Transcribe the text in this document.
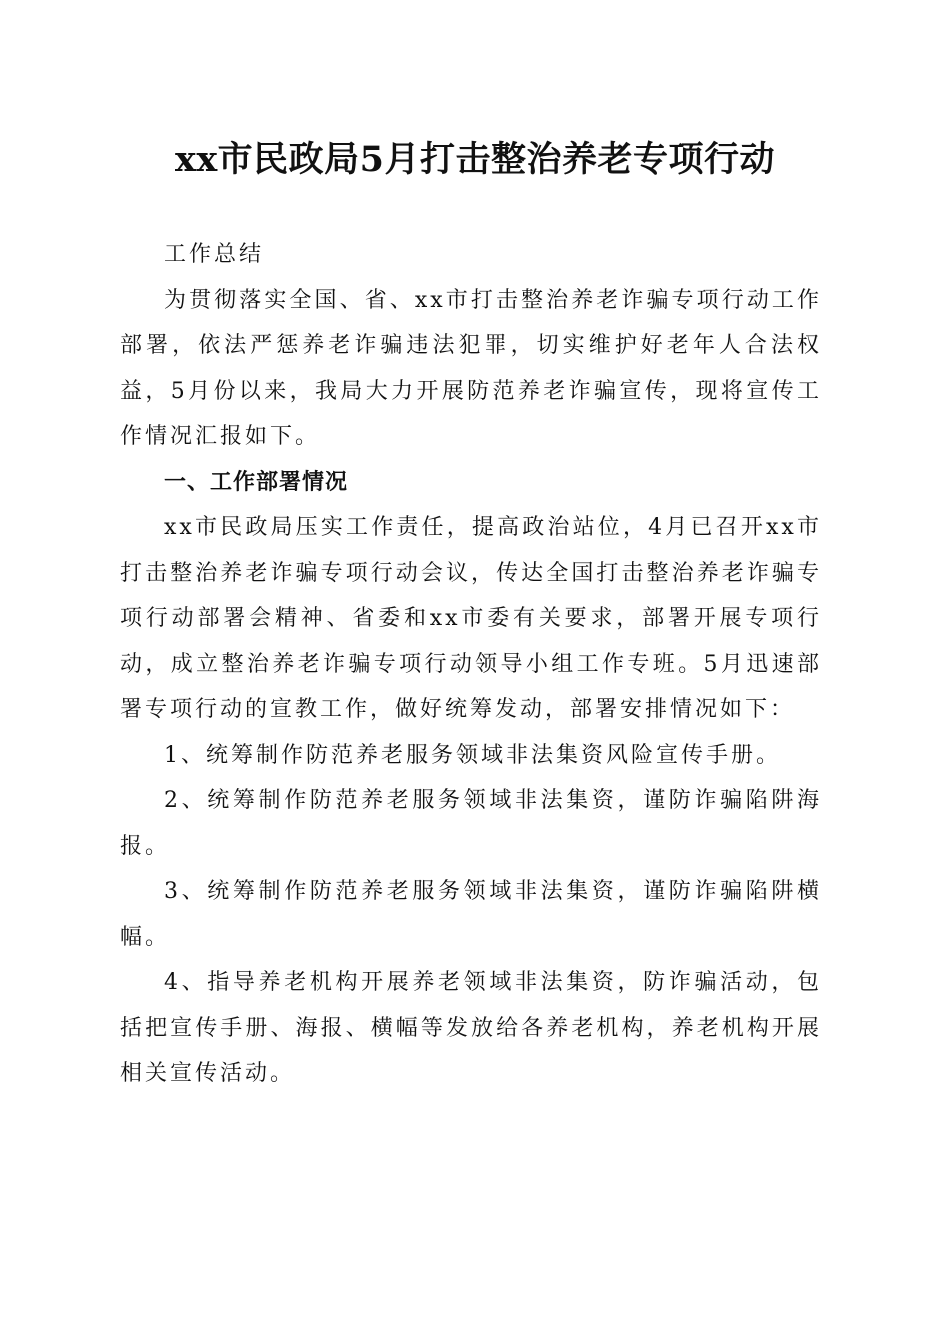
xx市民政局5月打击整治养老专项行动

工作总结

为贯彻落实全国、省、xx市打击整治养老诈骗专项行动工作部署，依法严惩养老诈骗违法犯罪，切实维护好老年人合法权益，5月份以来，我局大力开展防范养老诈骗宣传，现将宣传工作情况汇报如下。

一、工作部署情况

xx市民政局压实工作责任，提高政治站位，4月已召开xx市打击整治养老诈骗专项行动会议，传达全国打击整治养老诈骗专项行动部署会精神、省委和xx市委有关要求，部署开展专项行动，成立整治养老诈骗专项行动领导小组工作专班。5月迅速部署专项行动的宣教工作，做好统筹发动，部署安排情况如下：

1、统筹制作防范养老服务领域非法集资风险宣传手册。

2、统筹制作防范养老服务领域非法集资，谨防诈骗陷阱海报。

3、统筹制作防范养老服务领域非法集资，谨防诈骗陷阱横幅。

4、指导养老机构开展养老领域非法集资，防诈骗活动，包括把宣传手册、海报、横幅等发放给各养老机构，养老机构开展相关宣传活动。
